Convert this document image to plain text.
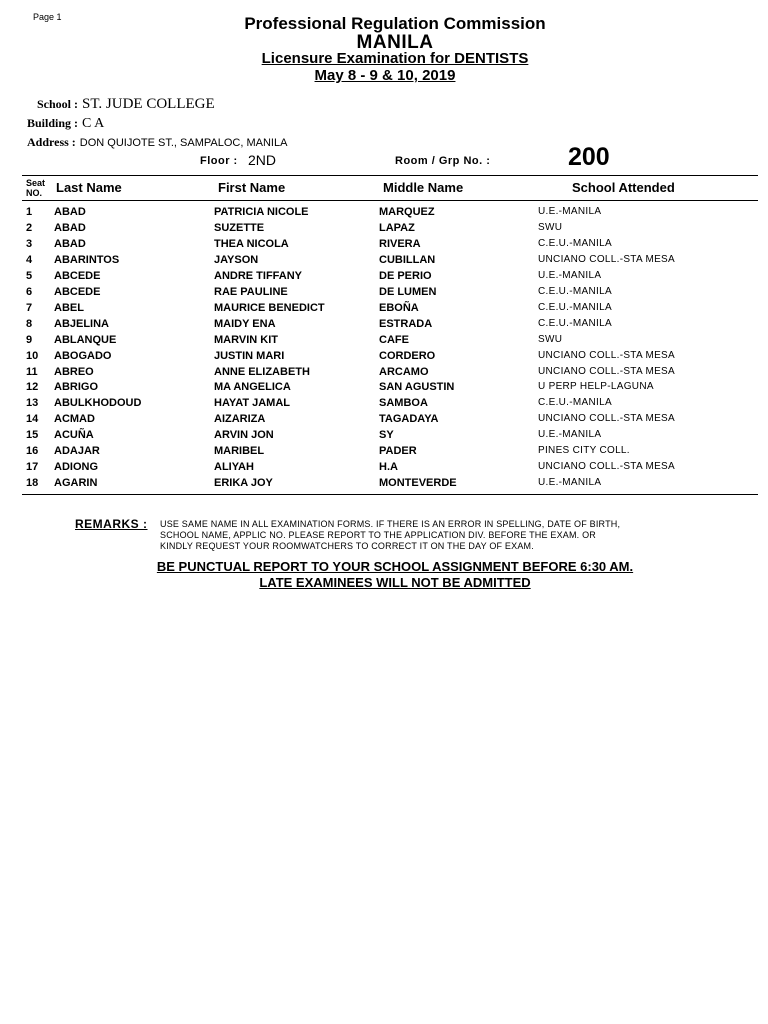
Page 1	Professional Regulation Commission
MANILA
Licensure Examination for DENTISTS
May 8 - 9 & 10, 2019
School : ST. JUDE COLLEGE
Building : C A
Address : DON QUIJOTE ST., SAMPALOC, MANILA
Floor : 2ND	Room / Grp No. :	200
Seat
NO. Last Name	First Name	Middle Name	School Attended
1 ABAD	PATRICIA NICOLE	MARQUEZ	U.E.-MANILA
2 ABAD	SUZETTE	LAPAZ	SWU
3 ABAD	THEA NICOLA	RIVERA	C.E.U.-MANILA
4 ABARINTOS	JAYSON	CUBILLAN	UNCIANO COLL.-STA MESA
5 ABCEDE	ANDRE TIFFANY	DE PERIO	U.E.-MANILA
6 ABCEDE	RAE PAULINE	DE LUMEN	C.E.U.-MANILA
7 ABEL	MAURICE BENEDICT	EBOÑA	C.E.U.-MANILA
8 ABJELINA	MAIDY ENA	ESTRADA	C.E.U.-MANILA
9 ABLANQUE	MARVIN KIT	CAFE	SWU
10 ABOGADO	JUSTIN MARI	CORDERO	UNCIANO COLL.-STA MESA
11 ABREO	ANNE ELIZABETH	ARCAMO	UNCIANO COLL.-STA MESA
12 ABRIGO	MA ANGELICA	SAN AGUSTIN	U PERP HELP-LAGUNA
13 ABULKHODOUD	HAYAT JAMAL	SAMBOA	C.E.U.-MANILA
14 ACMAD	AIZARIZA	TAGADAYA	UNCIANO COLL.-STA MESA
15 ACUÑA	ARVIN JON	SY	U.E.-MANILA
16 ADAJAR	MARIBEL	PADER	PINES CITY COLL.
17 ADIONG	ALIYAH	H.A	UNCIANO COLL.-STA MESA
18 AGARIN	ERIKA JOY	MONTEVERDE	U.E.-MANILA
REMARKS : USE SAME NAME IN ALL EXAMINATION FORMS. IF THERE IS AN ERROR IN SPELLING, DATE OF BIRTH,
SCHOOL NAME, APPLIC NO. PLEASE REPORT TO THE APPLICATION DIV. BEFORE THE EXAM. OR
KINDLY REQUEST YOUR ROOMWATCHERS TO CORRECT IT ON THE DAY OF EXAM.
BE PUNCTUAL REPORT TO YOUR SCHOOL ASSIGNMENT BEFORE 6:30 AM.
LATE EXAMINEES WILL NOT BE ADMITTED
